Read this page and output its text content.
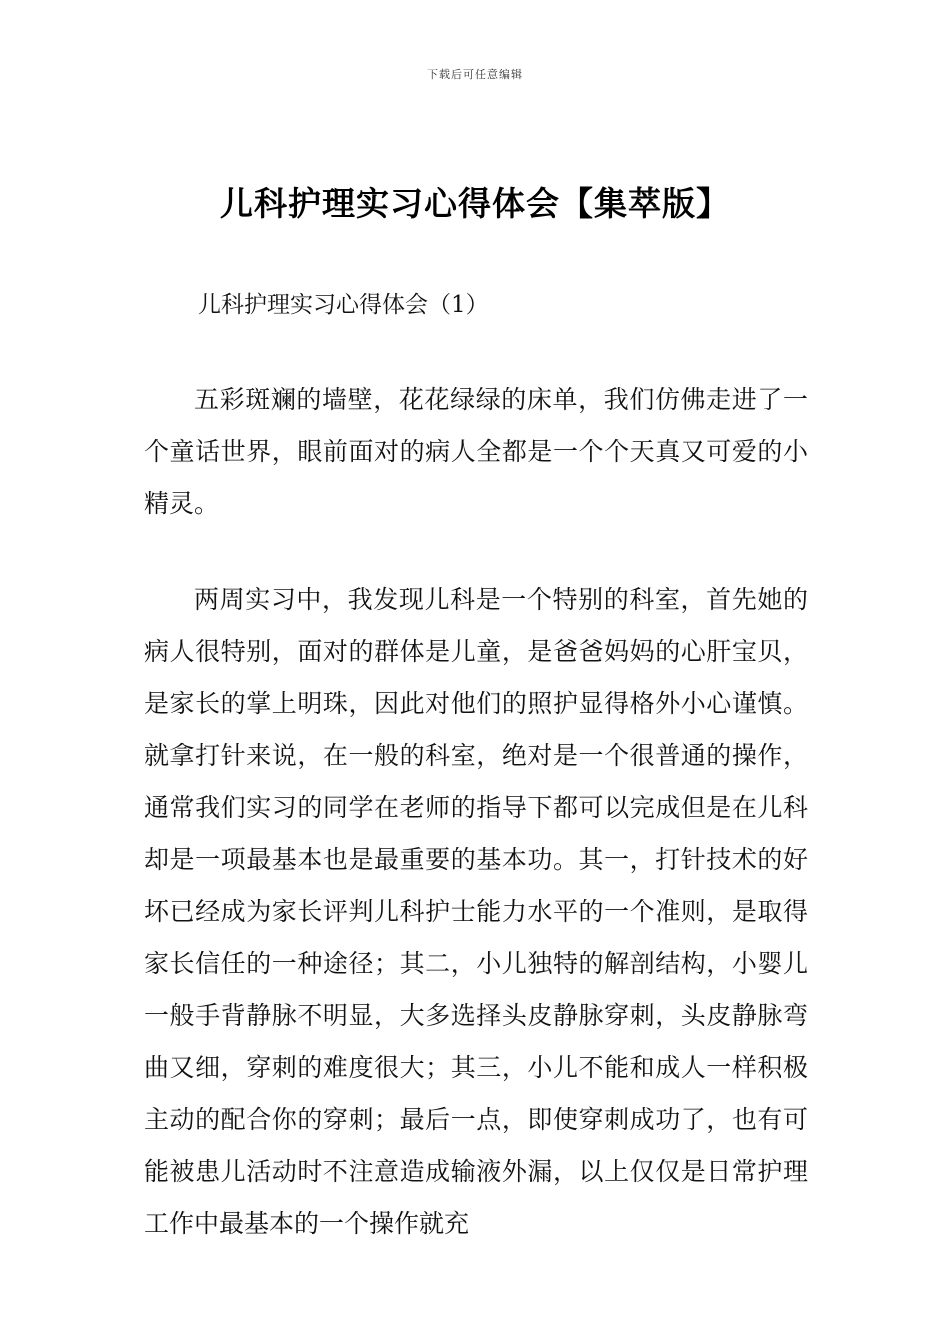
下载后可任意编辑
儿科护理实习心得体会【集萃版】
儿科护理实习心得体会（1）

五彩斑斓的墙壁，花花绿绿的床单，我们仿佛走进了一个童话世界，眼前面对的病人全都是一个个天真又可爱的小精灵。

两周实习中，我发现儿科是一个特别的科室，首先她的病人很特别，面对的群体是儿童，是爸爸妈妈的心肝宝贝，是家长的掌上明珠，因此对他们的照护显得格外小心谨慎。就拿打针来说，在一般的科室，绝对是一个很普通的操作，通常我们实习的同学在老师的指导下都可以完成但是在儿科却是一项最基本也是最重要的基本功。其一，打针技术的好坏已经成为家长评判儿科护士能力水平的一个准则，是取得家长信任的一种途径；其二，小儿独特的解剖结构，小婴儿一般手背静脉不明显，大多选择头皮静脉穿刺，头皮静脉弯曲又细，穿刺的难度很大；其三，小儿不能和成人一样积极主动的配合你的穿刺；最后一点，即使穿刺成功了，也有可能被患儿活动时不注意造成输液外漏，以上仅仅是日常护理工作中最基本的一个操作就充
